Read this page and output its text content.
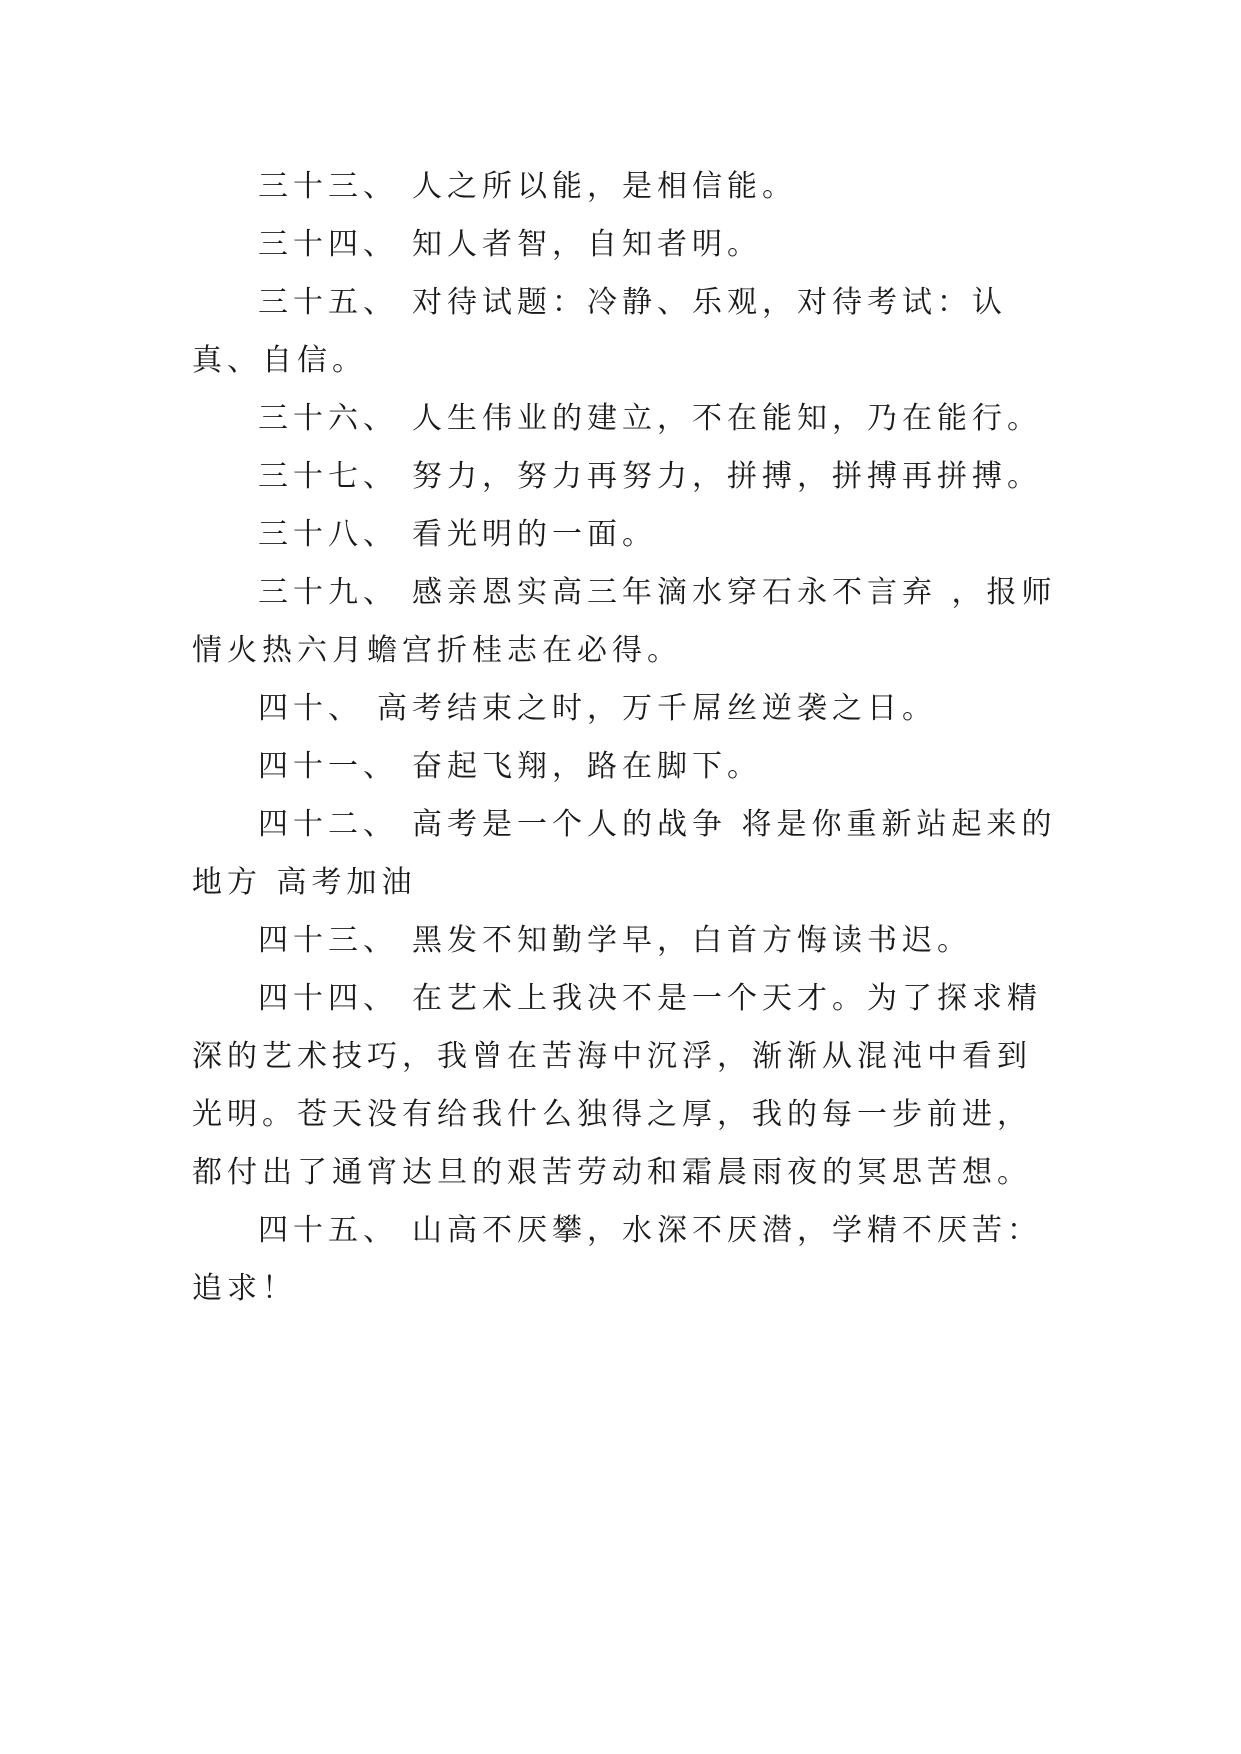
三十三、 人之所以能，是相信能。

三十四、 知人者智，自知者明。

三十五、 对待试题：冷静、乐观，对待考试：认真、自信。

三十六、 人生伟业的建立，不在能知，乃在能行。

三十七、 努力，努力再努力，拼搏，拼搏再拼搏。

三十八、 看光明的一面。

三十九、 感亲恩实高三年滴水穿石永不言弃 ，报师情火热六月蟾宫折桂志在必得。

四十、 高考结束之时，万千屌丝逆袭之日。

四十一、 奋起飞翔，路在脚下。

四十二、 高考是一个人的战争 将是你重新站起来的地方 高考加油

四十三、 黑发不知勤学早，白首方悔读书迟。

四十四、 在艺术上我决不是一个天才。为了探求精深的艺术技巧，我曾在苦海中沉浮，渐渐从混沌中看到光明。苍天没有给我什么独得之厚，我的每一步前进，都付出了通宵达旦的艰苦劳动和霜晨雨夜的冥思苦想。

四十五、 山高不厌攀，水深不厌潜，学精不厌苦：追求！
